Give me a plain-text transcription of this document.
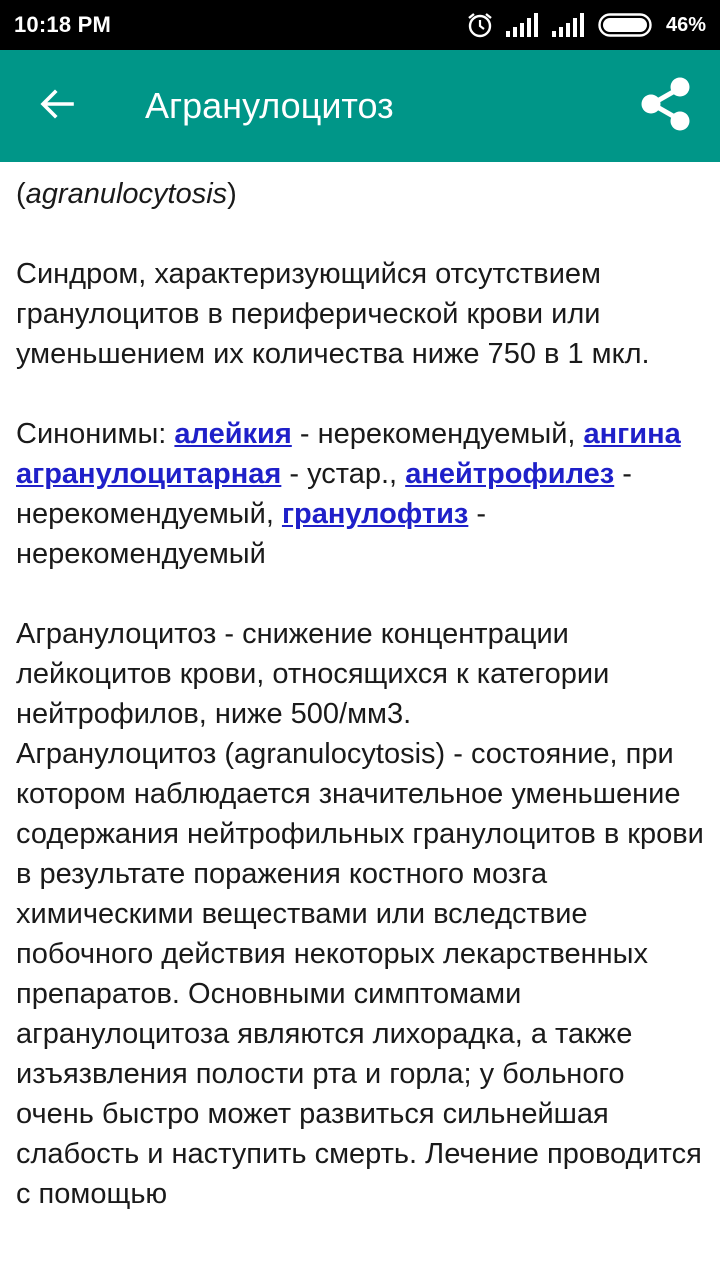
10:18 PM	46%
Агранулоцитоз

(agranulocytosis)

Синдром, характеризующийся отсутствием гранулоцитов в периферической крови или уменьшением их количества ниже 750 в 1 мкл.

Синонимы: алейкия - нерекомендуемый, ангина агранулоцитарная - устар., анейтрофилез - нерекомендуемый, гранулофтиз - нерекомендуемый

Агранулоцитоз - снижение концентрации лейкоцитов крови, относящихся к категории нейтрофилов, ниже 500/мм3.

Агранулоцитоз (agranulocytosis) - состояние, при котором наблюдается значительное уменьшение содержания нейтрофильных гранулоцитов в крови в результате поражения костного мозга химическими веществами или вследствие побочного действия некоторых лекарственных препаратов. Основными симптомами агранулоцитоза являются лихорадка, а также изъязвления полости рта и горла; у больного очень быстро может развиться сильнейшая слабость и наступить смерть. Лечение проводится с помощью
